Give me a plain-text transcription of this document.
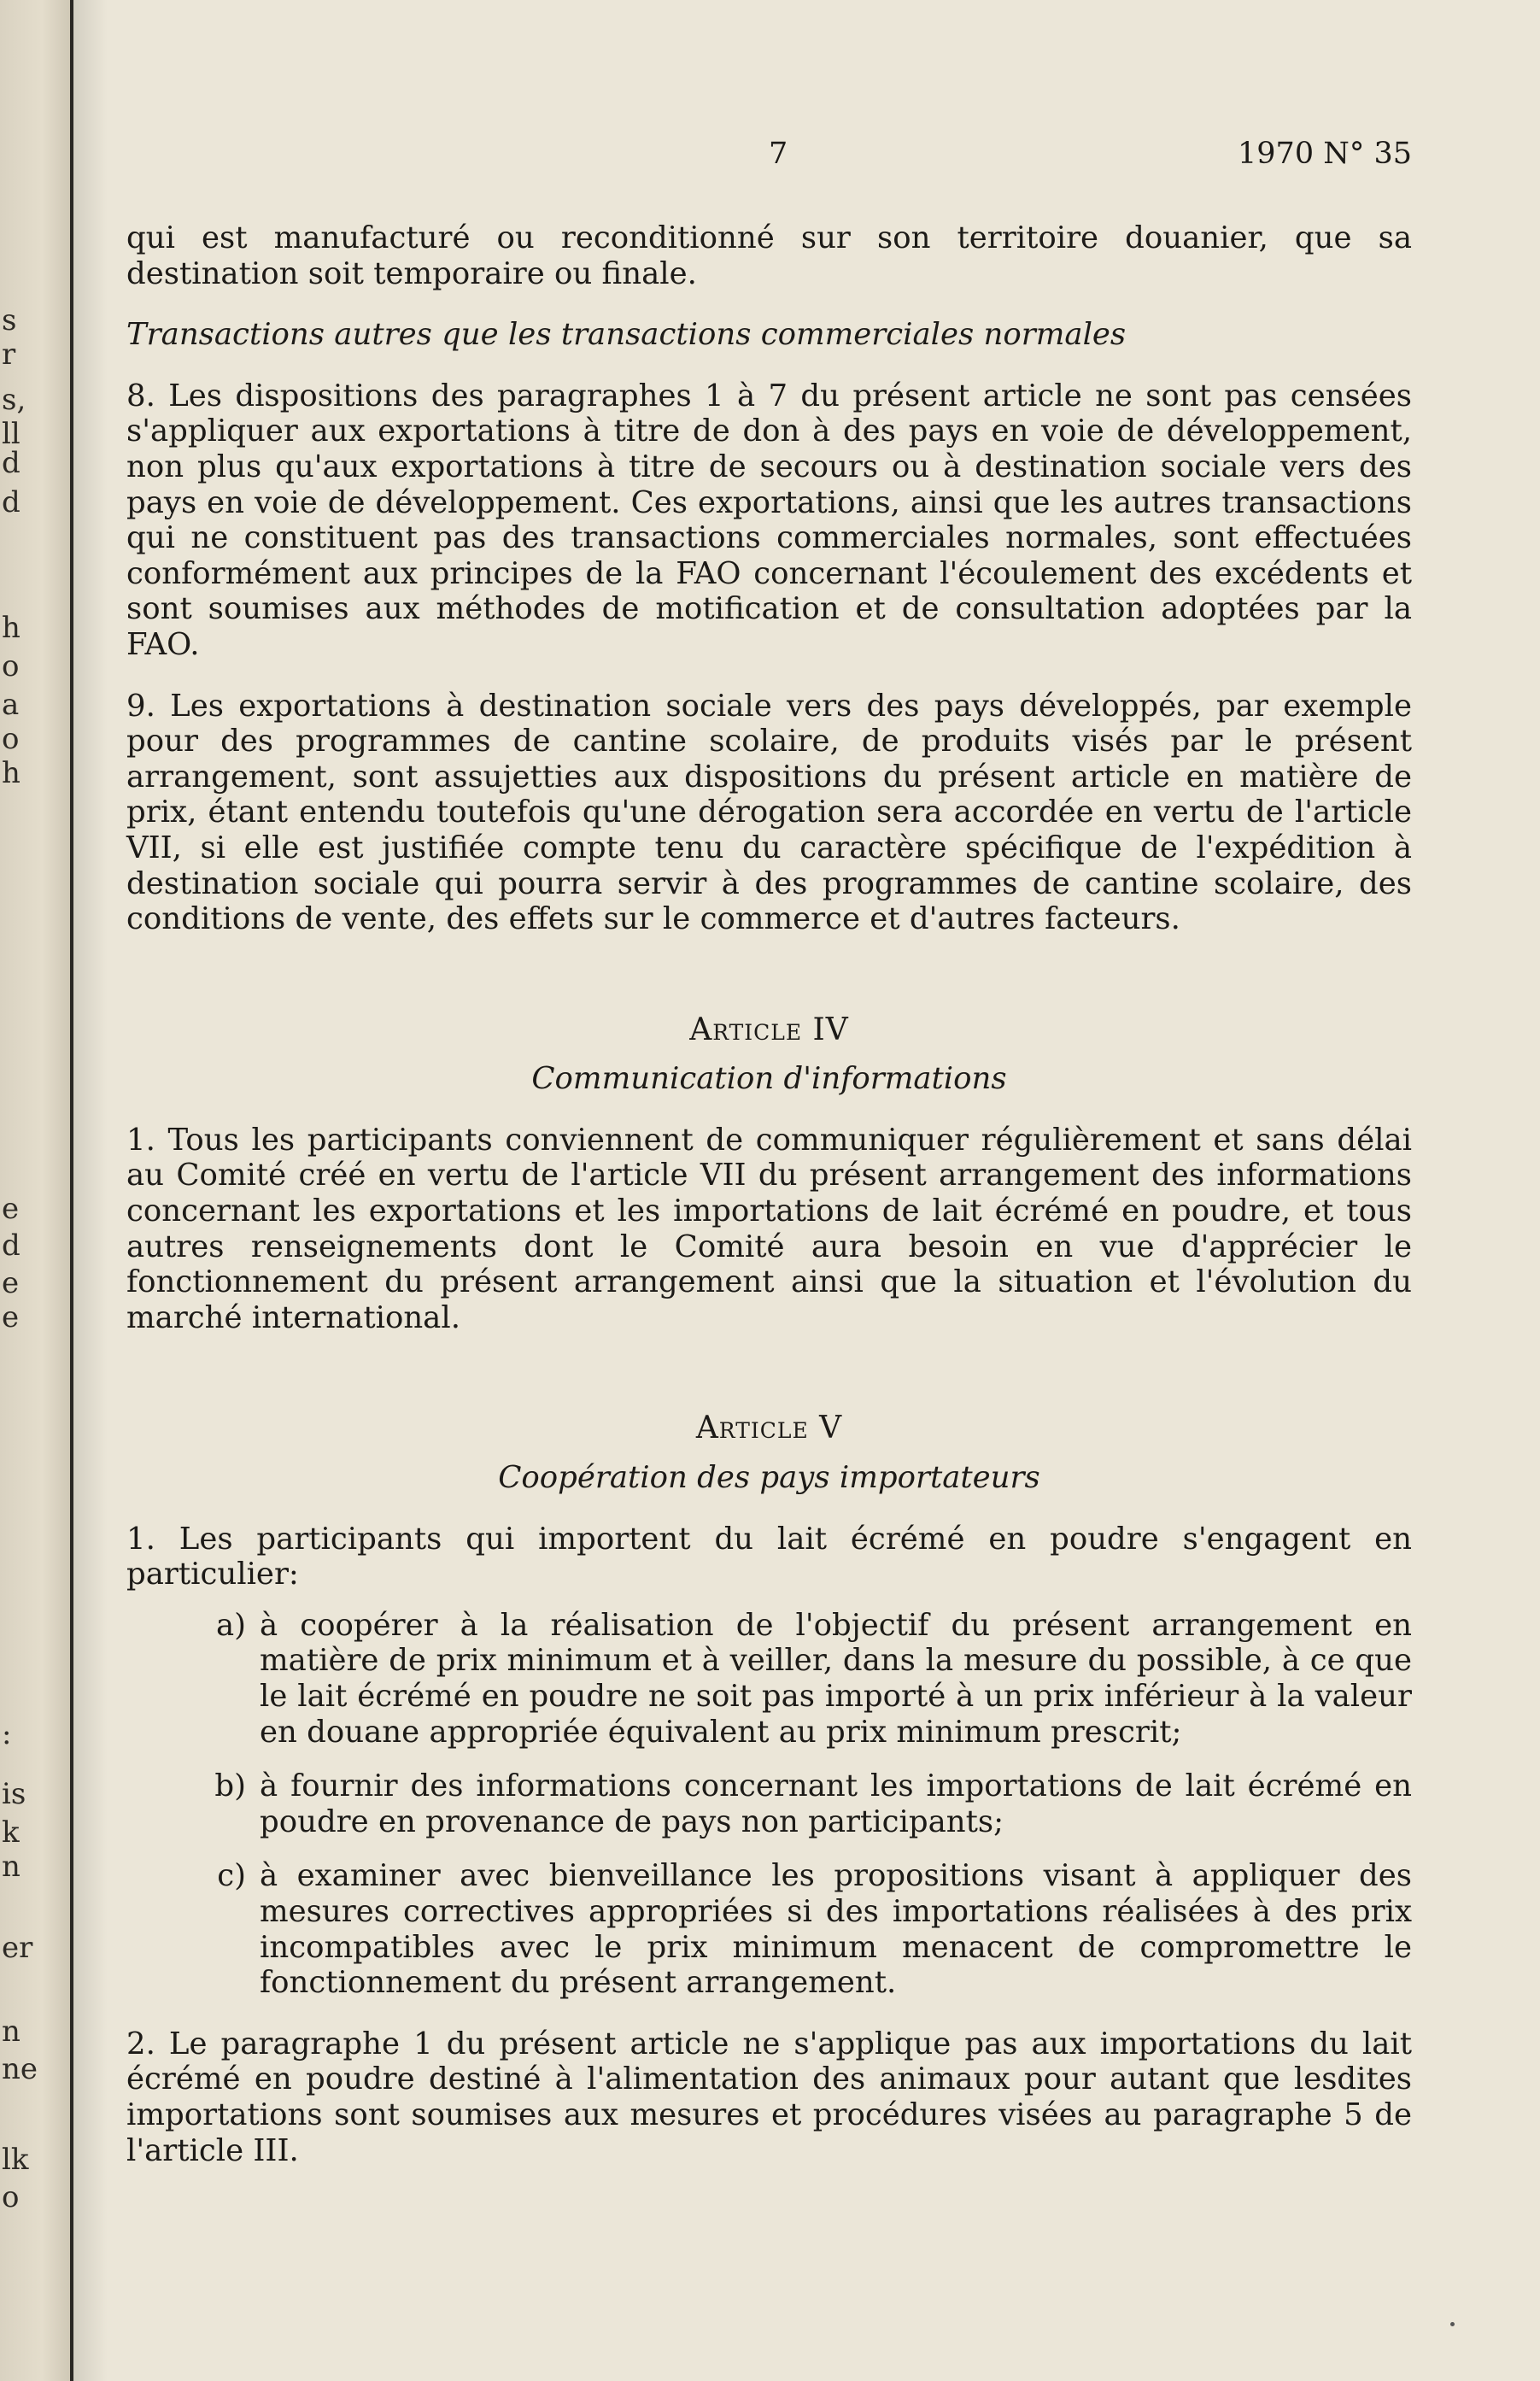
s
r
s,
ll
d
d
h
o
a
o
h
e
d
e
e
:
is
k
n
er
n
ne
lk
o
7	1970 N° 35

qui est manufacturé ou reconditionné sur son territoire douanier, que sa destination soit temporaire ou finale.

Transactions autres que les transactions commerciales normales

8. Les dispositions des paragraphes 1 à 7 du présent article ne sont pas censées s'appliquer aux exportations à titre de don à des pays en voie de développement, non plus qu'aux exportations à titre de secours ou à destination sociale vers des pays en voie de développement. Ces exportations, ainsi que les autres transactions qui ne constituent pas des transactions commerciales normales, sont effectuées conformément aux principes de la FAO concernant l'écoulement des excédents et sont soumises aux méthodes de motification et de consultation adoptées par la FAO.

9. Les exportations à destination sociale vers des pays développés, par exemple pour des programmes de cantine scolaire, de produits visés par le présent arrangement, sont assujetties aux dispositions du présent article en matière de prix, étant entendu toutefois qu'une dérogation sera accordée en vertu de l'article VII, si elle est justifiée compte tenu du caractère spécifique de l'expédition à destination sociale qui pourra servir à des programmes de cantine scolaire, des conditions de vente, des effets sur le commerce et d'autres facteurs.

Article IV
Communication d'informations

1. Tous les participants conviennent de communiquer régulièrement et sans délai au Comité créé en vertu de l'article VII du présent arrangement des informations concernant les exportations et les importations de lait écrémé en poudre, et tous autres renseignements dont le Comité aura besoin en vue d'apprécier le fonctionnement du présent arrangement ainsi que la situation et l'évolution du marché international.

Article V
Coopération des pays importateurs

1. Les participants qui importent du lait écrémé en poudre s'engagent en particulier:

a) à coopérer à la réalisation de l'objectif du présent arrangement en matière de prix minimum et à veiller, dans la mesure du possible, à ce que le lait écrémé en poudre ne soit pas importé à un prix inférieur à la valeur en douane appropriée équivalent au prix minimum prescrit;
b) à fournir des informations concernant les importations de lait écrémé en poudre en provenance de pays non participants;
c) à examiner avec bienveillance les propositions visant à appliquer des mesures correctives appropriées si des importations réalisées à des prix incompatibles avec le prix minimum menacent de compromettre le fonctionnement du présent arrangement.

2. Le paragraphe 1 du présent article ne s'applique pas aux importations du lait écrémé en poudre destiné à l'alimentation des animaux pour autant que lesdites importations sont soumises aux mesures et procédures visées au paragraphe 5 de l'article III.
